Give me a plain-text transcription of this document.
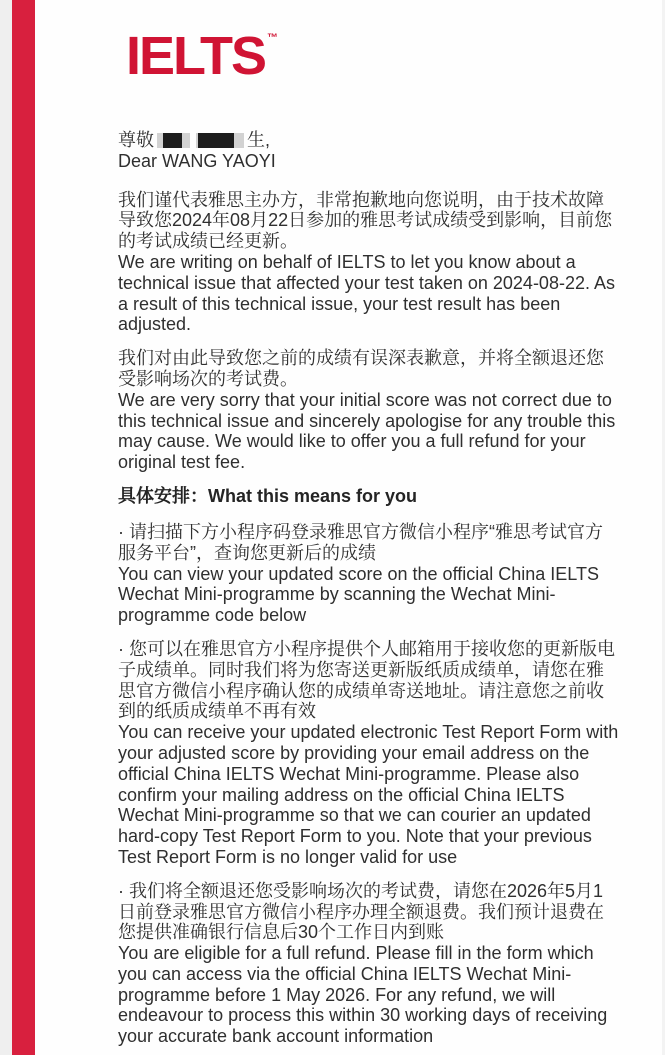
IELTS ™
尊敬	生,
Dear WANG YAOYI
我们谨代表雅思主办方，非常抱歉地向您说明，由于技术故障导致您2024年08月22日参加的雅思考试成绩受到影响，目前您的考试成绩已经更新。
We are writing on behalf of IELTS to let you know about a technical issue that affected your test taken on 2024-08-22. As a result of this technical issue, your test result has been adjusted.
我们对由此导致您之前的成绩有误深表歉意，并将全额退还您受影响场次的考试费。
We are very sorry that your initial score was not correct due to this technical issue and sincerely apologise for any trouble this may cause. We would like to offer you a full refund for your original test fee.
具体安排：What this means for you
· 请扫描下方小程序码登录雅思官方微信小程序“雅思考试官方服务平台”，查询您更新后的成绩
You can view your updated score on the official China IELTS Wechat Mini-programme by scanning the Wechat Mini-programme code below
· 您可以在雅思官方小程序提供个人邮箱用于接收您的更新版电子成绩单。同时我们将为您寄送更新版纸质成绩单，请您在雅思官方微信小程序确认您的成绩单寄送地址。请注意您之前收到的纸质成绩单不再有效
You can receive your updated electronic Test Report Form with your adjusted score by providing your email address on the official China IELTS Wechat Mini-programme. Please also confirm your mailing address on the official China IELTS Wechat Mini-programme so that we can courier an updated hard-copy Test Report Form to you. Note that your previous Test Report Form is no longer valid for use
· 我们将全额退还您受影响场次的考试费，请您在2026年5月1日前登录雅思官方微信小程序办理全额退费。我们预计退费在您提供准确银行信息后30个工作日内到账
You are eligible for a full refund. Please fill in the form which you can access via the official China IELTS Wechat Mini-programme before 1 May 2026. For any refund, we will endeavour to process this within 30 working days of receiving your accurate bank account information
